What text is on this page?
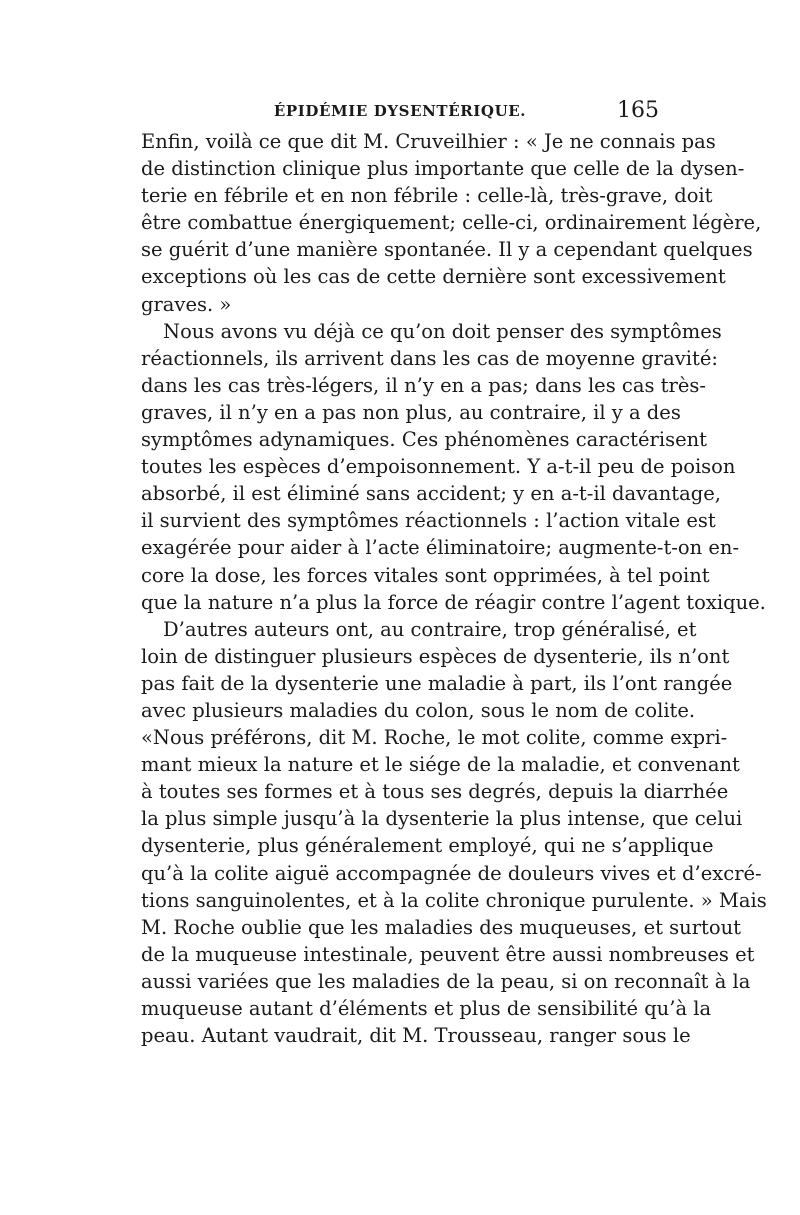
ÉPIDÉMIE DYSENTÉRIQUE.	165
Enfin, voilà ce que dit M. Cruveilhier : « Je ne connais pas
de distinction clinique plus importante que celle de la dysen-
terie en fébrile et en non fébrile : celle-là, très-grave, doit
être combattue énergiquement; celle-ci, ordinairement légère,
se guérit d’une manière spontanée. Il y a cependant quelques
exceptions où les cas de cette dernière sont excessivement
graves. »
Nous avons vu déjà ce qu’on doit penser des symptômes
réactionnels, ils arrivent dans les cas de moyenne gravité:
dans les cas très-légers, il n’y en a pas; dans les cas très-
graves, il n’y en a pas non plus, au contraire, il y a des
symptômes adynamiques. Ces phénomènes caractérisent
toutes les espèces d’empoisonnement. Y a-t-il peu de poison
absorbé, il est éliminé sans accident; y en a-t-il davantage,
il survient des symptômes réactionnels : l’action vitale est
exagérée pour aider à l’acte éliminatoire; augmente-t-on en-
core la dose, les forces vitales sont opprimées, à tel point
que la nature n’a plus la force de réagir contre l’agent toxique.
D’autres auteurs ont, au contraire, trop généralisé, et
loin de distinguer plusieurs espèces de dysenterie, ils n’ont
pas fait de la dysenterie une maladie à part, ils l’ont rangée
avec plusieurs maladies du colon, sous le nom de colite.
«Nous préférons, dit M. Roche, le mot colite, comme expri-
mant mieux la nature et le siége de la maladie, et convenant
à toutes ses formes et à tous ses degrés, depuis la diarrhée
la plus simple jusqu’à la dysenterie la plus intense, que celui
dysenterie, plus généralement employé, qui ne s’applique
qu’à la colite aiguë accompagnée de douleurs vives et d’excré-
tions sanguinolentes, et à la colite chronique purulente. » Mais
M. Roche oublie que les maladies des muqueuses, et surtout
de la muqueuse intestinale, peuvent être aussi nombreuses et
aussi variées que les maladies de la peau, si on reconnaît à la
muqueuse autant d’éléments et plus de sensibilité qu’à la
peau. Autant vaudrait, dit M. Trousseau, ranger sous le
